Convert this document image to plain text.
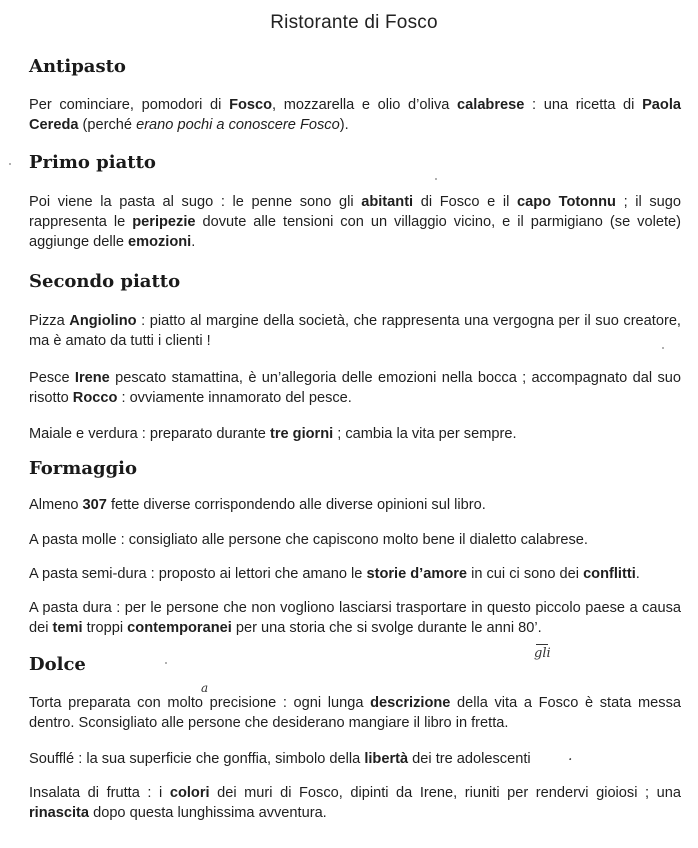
Ristorante di Fosco
Antipasto

Per cominciare, pomodori di Fosco, mozzarella e olio d’oliva calabrese : una ricetta di Paola Cereda (perché erano pochi a conoscere Fosco).

Primo piatto

Poi viene la pasta al sugo : le penne sono gli abitanti di Fosco e il capo Totonnu ; il sugo rappresenta le peripezie dovute alle tensioni con un villaggio vicino, e il parmigiano (se volete) aggiunge delle emozioni.

Secondo piatto

Pizza Angiolino : piatto al margine della società, che rappresenta una vergogna per il suo creatore, ma è amato da tutti i clienti !

Pesce Irene pescato stamattina, è un’allegoria delle emozioni nella bocca ; accompagnato dal suo risotto Rocco : ovviamente innamorato del pesce.

Maiale e verdura : preparato durante tre giorni ; cambia la vita per sempre.

Formaggio

Almeno 307 fette diverse corrispondendo alle diverse opinioni sul libro.

A pasta molle : consigliato alle persone che capiscono molto bene il dialetto calabrese.

A pasta semi-dura : proposto ai lettori che amano le storie d’amore in cui ci sono dei conflitti.

A pasta dura : per le persone che non vogliono lasciarsi trasportare in questo piccolo paese a causa dei temi troppi contemporanei per una storia che si svolge durante le anni 80’.

gli
Dolce
a

Torta preparata con molto precisione : ogni lunga descrizione della vita a Fosco è stata messa dentro. Sconsigliato alle persone che desiderano mangiare il libro in fretta.

Soufflé : la sua superficie che gonffia, simbolo della libertà dei tre adolescenti	.

Insalata di frutta : i colori dei muri di Fosco, dipinti da Irene, riuniti per rendervi gioiosi ; una rinascita dopo questa lunghissima avventura.
